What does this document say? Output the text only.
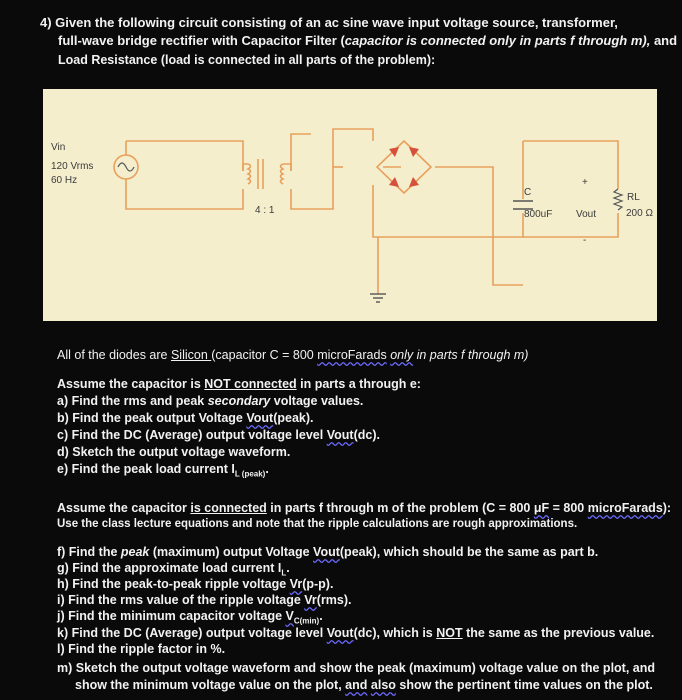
4) Given the following circuit consisting of an ac sine wave input voltage source, transformer,
full-wave bridge rectifier with Capacitor Filter (capacitor is connected only in parts f through m), and
Load Resistance (load is connected in all parts of the problem):
Vin
120 Vrms
60 Hz
4 : 1
C
800uF
+
Vout
-
RL
200 Ω
All of the diodes are Silicon (capacitor C = 800 microFarads only in parts f through m)
Assume the capacitor is NOT connected in parts a through e:
a) Find the rms and peak secondary voltage values.
b) Find the peak output Voltage Vout(peak).
c) Find the DC (Average) output voltage level Vout(dc).
d) Sketch the output voltage waveform.
e) Find the peak load current $I_{L (peak)}$.
Assume the capacitor is connected in parts f through m of the problem (C = 800 μF = 800 microFarads):
Use the class lecture equations and note that the ripple calculations are rough approximations.
f) Find the peak (maximum) output Voltage Vout(peak), which should be the same as part b.
g) Find the approximate load current $I_L$.
h) Find the peak-to-peak ripple voltage Vr(p-p).
i) Find the rms value of the ripple voltage Vr(rms).
j) Find the minimum capacitor voltage $V_{C(min)}$.
k) Find the DC (Average) output voltage level Vout(dc), which is NOT the same as the previous value.
l) Find the ripple factor in %.
m) Sketch the output voltage waveform and show the peak (maximum) voltage value on the plot, and
show the minimum voltage value on the plot, and also show the pertinent time values on the plot.
